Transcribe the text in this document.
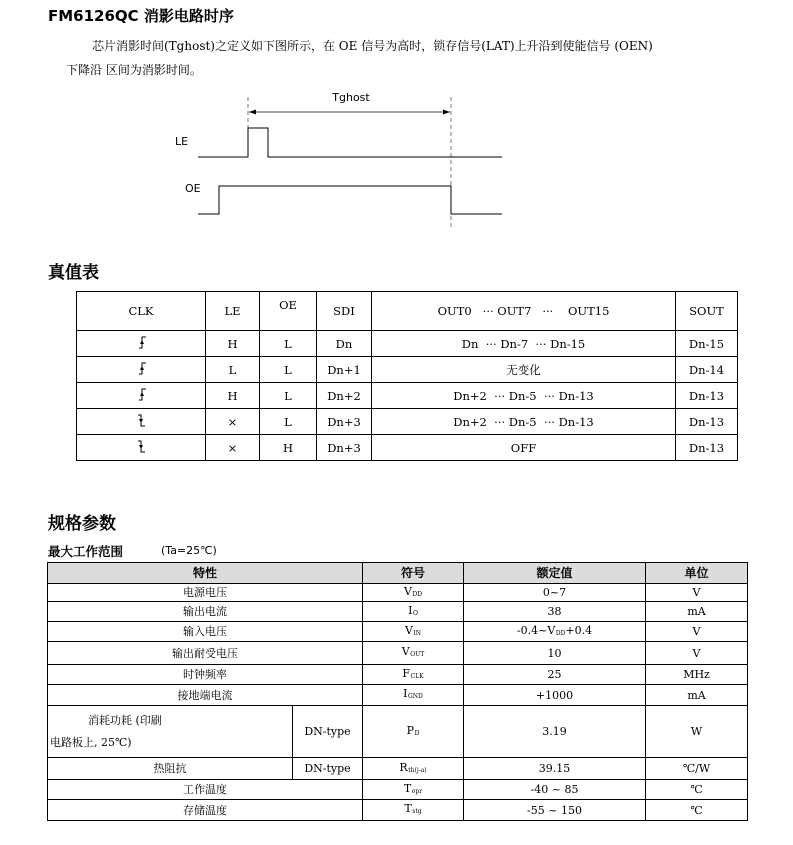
FM6126QC 消影电路时序
芯片消影时间(Tghost)之定义如下图所示，在 OE 信号为高时，锁存信号(LAT)上升沿到使能信号 (OEN)
下降沿 区间为消影时间。
Tghost
LE
OE
真值表
CLK	LE	OE	SDI	OUT0 ··· OUT7 ··· OUT15	SOUT
	H	L	Dn	Dn ··· Dn-7 ··· Dn-15	Dn-15
	L	L	Dn+1	无变化	Dn-14
	H	L	Dn+2	Dn+2 ··· Dn-5 ··· Dn-13	Dn-13
	×	L	Dn+3	Dn+2 ··· Dn-5 ··· Dn-13	Dn-13
	×	H	Dn+3	OFF	Dn-13
规格参数
最大工作范围	(Ta=25℃)
特性		符号	额定值	单位
电源电压		VDD	0~7	V
输出电流		IO	38	mA
输入电压		VIN	-0.4~VDD+0.4	V
输出耐受电压		VOUT	10	V
时钟频率		FCLK	25	MHz
接地端电流		IGND	+1000	mA

消耗功耗 (印刷
电路板上, 25℃)	DN-type	PD	3.19	W
热阻抗	DN-type	Rth(j-a)	39.15	℃/W
工作温度		Topr	-40 ~ 85	℃
存储温度		Tstg	-55 ~ 150	℃
